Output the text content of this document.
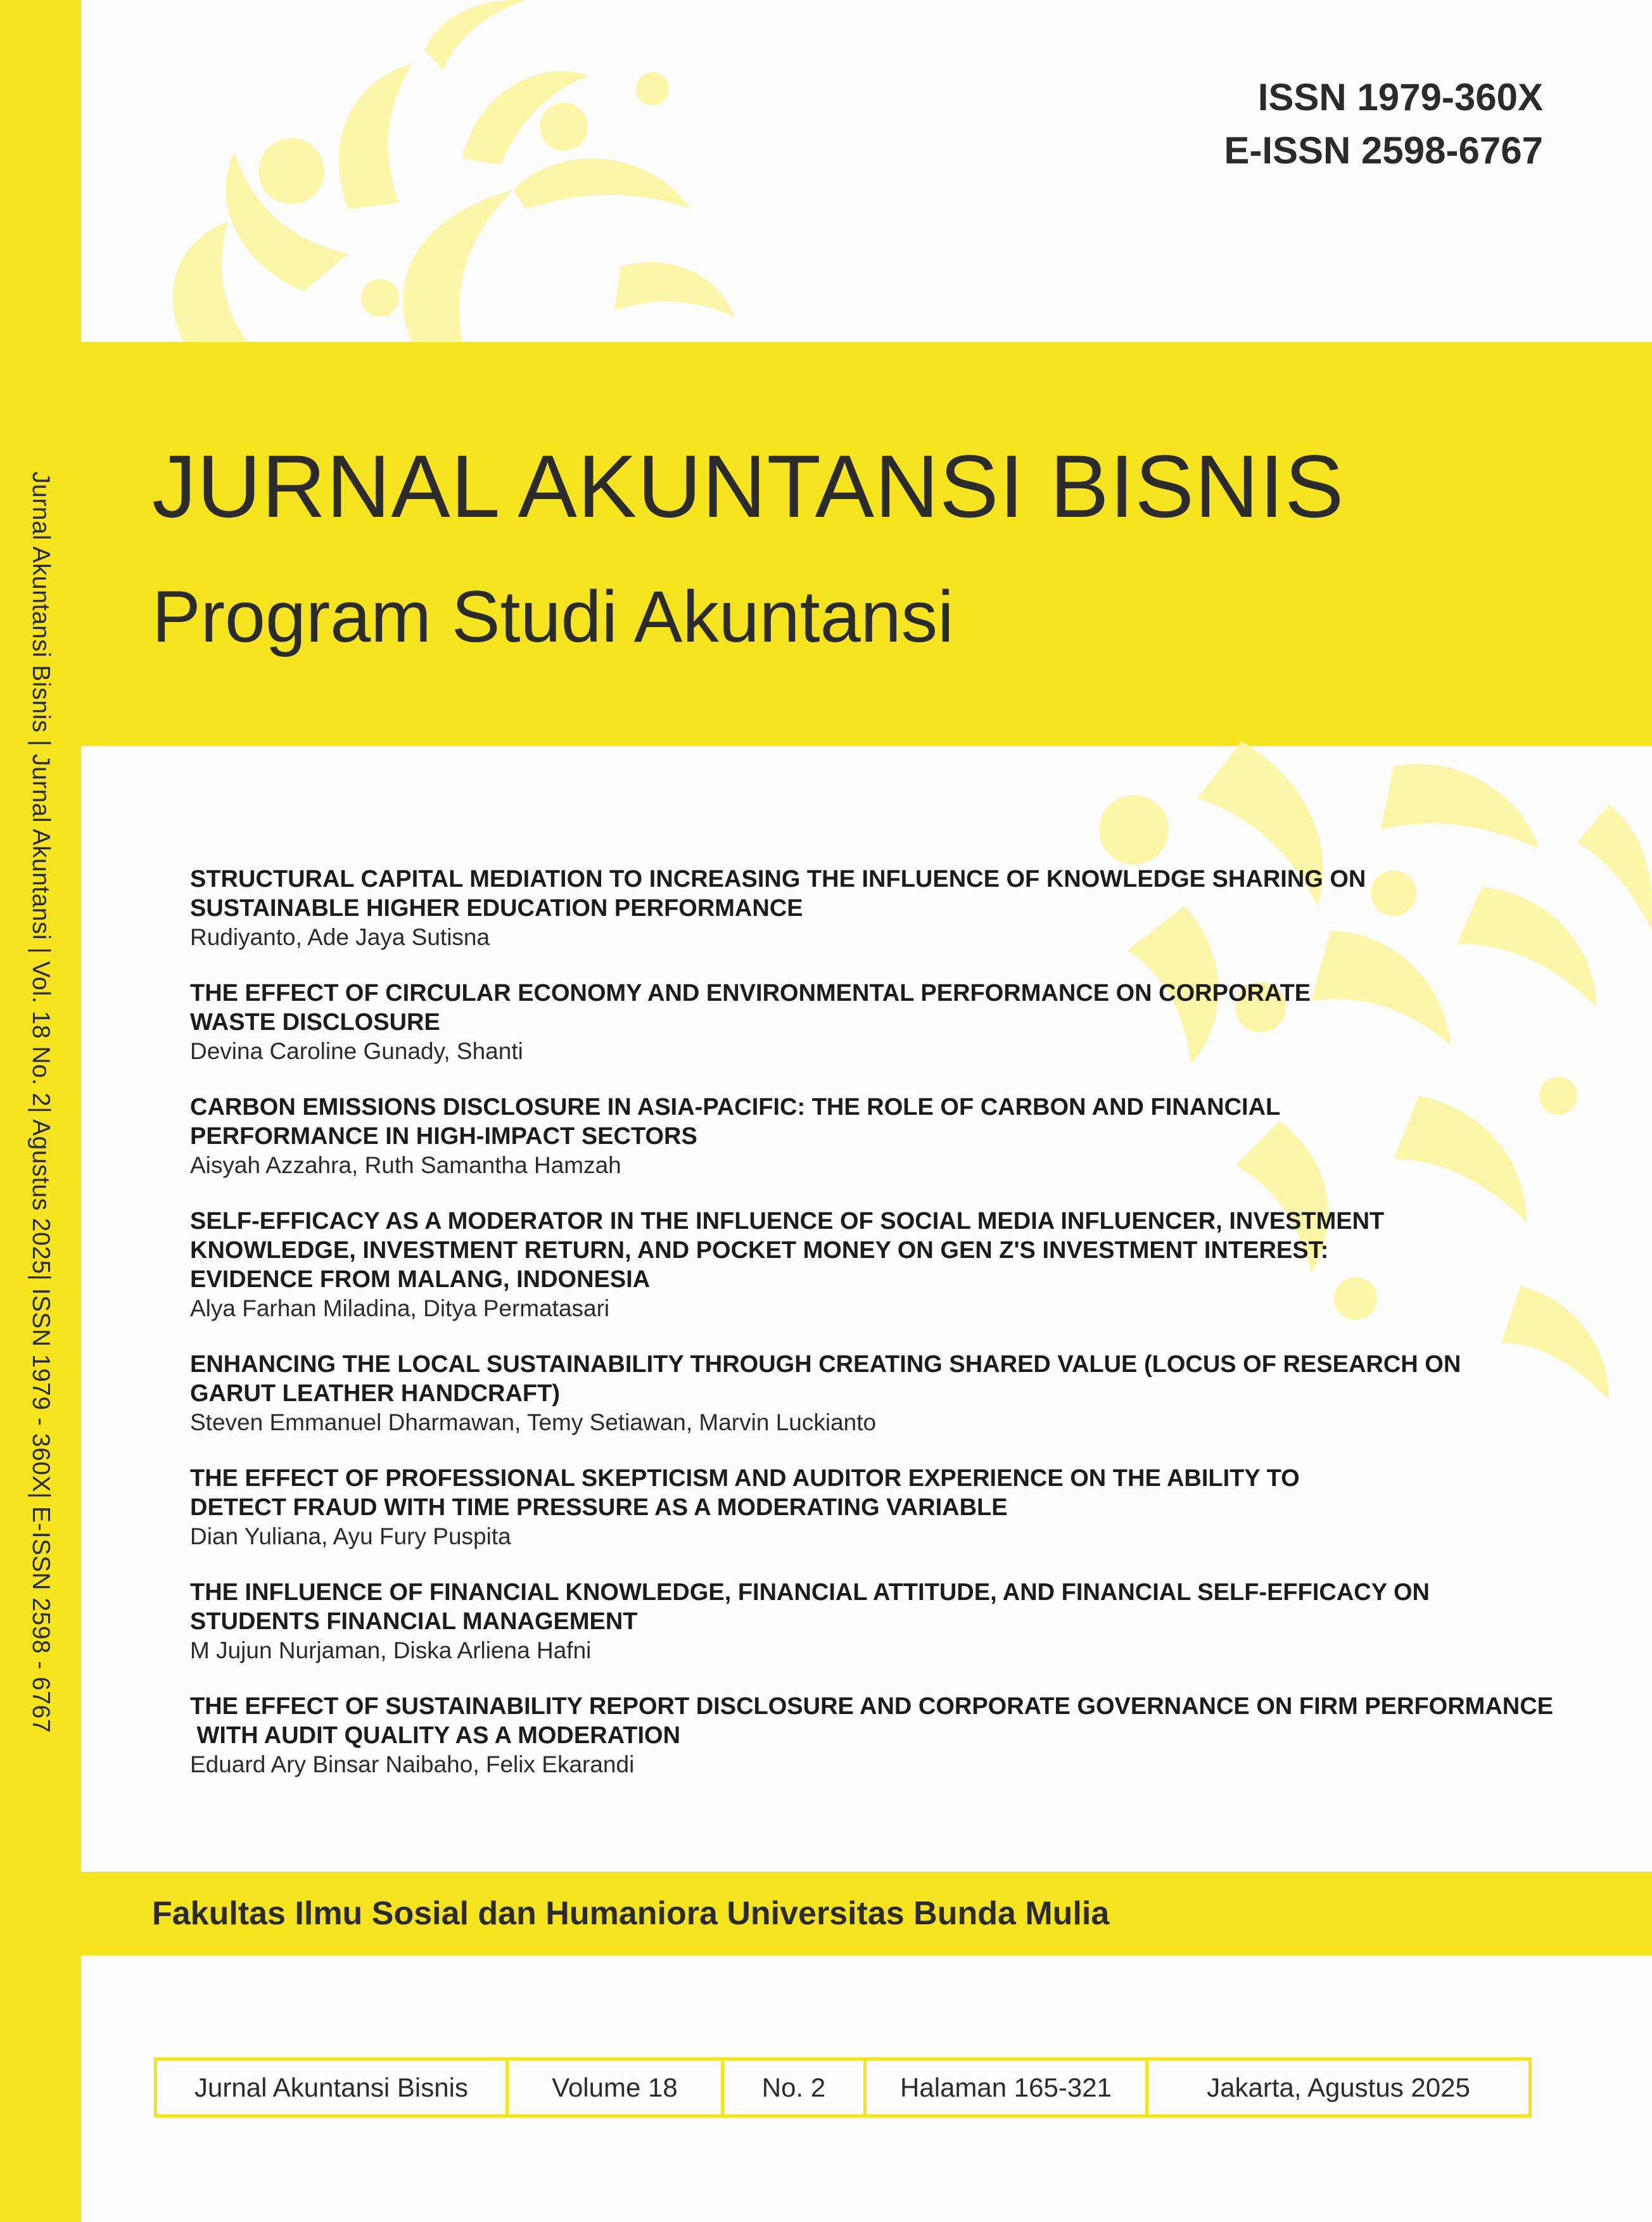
Jurnal Akuntansi Bisnis | Jurnal Akuntansi | Vol. 18 No. 2| Agustus 2025| ISSN 1979 - 360X| E-ISSN 2598 - 6767
ISSN 1979-360X
E-ISSN 2598-6767
JURNAL AKUNTANSI BISNIS
Program Studi Akuntansi
STRUCTURAL CAPITAL MEDIATION TO INCREASING THE INFLUENCE OF KNOWLEDGE SHARING ON
SUSTAINABLE HIGHER EDUCATION PERFORMANCE
Rudiyanto, Ade Jaya Sutisna
THE EFFECT OF CIRCULAR ECONOMY AND ENVIRONMENTAL PERFORMANCE ON CORPORATE
WASTE DISCLOSURE
Devina Caroline Gunady, Shanti
CARBON EMISSIONS DISCLOSURE IN ASIA-PACIFIC: THE ROLE OF CARBON AND FINANCIAL
PERFORMANCE IN HIGH-IMPACT SECTORS
Aisyah Azzahra, Ruth Samantha Hamzah
SELF-EFFICACY AS A MODERATOR IN THE INFLUENCE OF SOCIAL MEDIA INFLUENCER, INVESTMENT
KNOWLEDGE, INVESTMENT RETURN, AND POCKET MONEY ON GEN Z'S INVESTMENT INTEREST:
EVIDENCE FROM MALANG, INDONESIA
Alya Farhan Miladina, Ditya Permatasari
ENHANCING THE LOCAL SUSTAINABILITY THROUGH CREATING SHARED VALUE (LOCUS OF RESEARCH ON
GARUT LEATHER HANDCRAFT)
Steven Emmanuel Dharmawan, Temy Setiawan, Marvin Luckianto
THE EFFECT OF PROFESSIONAL SKEPTICISM AND AUDITOR EXPERIENCE ON THE ABILITY TO
DETECT FRAUD WITH TIME PRESSURE AS A MODERATING VARIABLE
Dian Yuliana, Ayu Fury Puspita
THE INFLUENCE OF FINANCIAL KNOWLEDGE, FINANCIAL ATTITUDE, AND FINANCIAL SELF-EFFICACY ON
STUDENTS FINANCIAL MANAGEMENT
M Jujun Nurjaman, Diska Arliena Hafni
THE EFFECT OF SUSTAINABILITY REPORT DISCLOSURE AND CORPORATE GOVERNANCE ON FIRM PERFORMANCE
WITH AUDIT QUALITY AS A MODERATION
Eduard Ary Binsar Naibaho, Felix Ekarandi
Fakultas Ilmu Sosial dan Humaniora Universitas Bunda Mulia
Jurnal Akuntansi Bisnis	Volume 18	No. 2	Halaman 165-321	Jakarta, Agustus 2025
